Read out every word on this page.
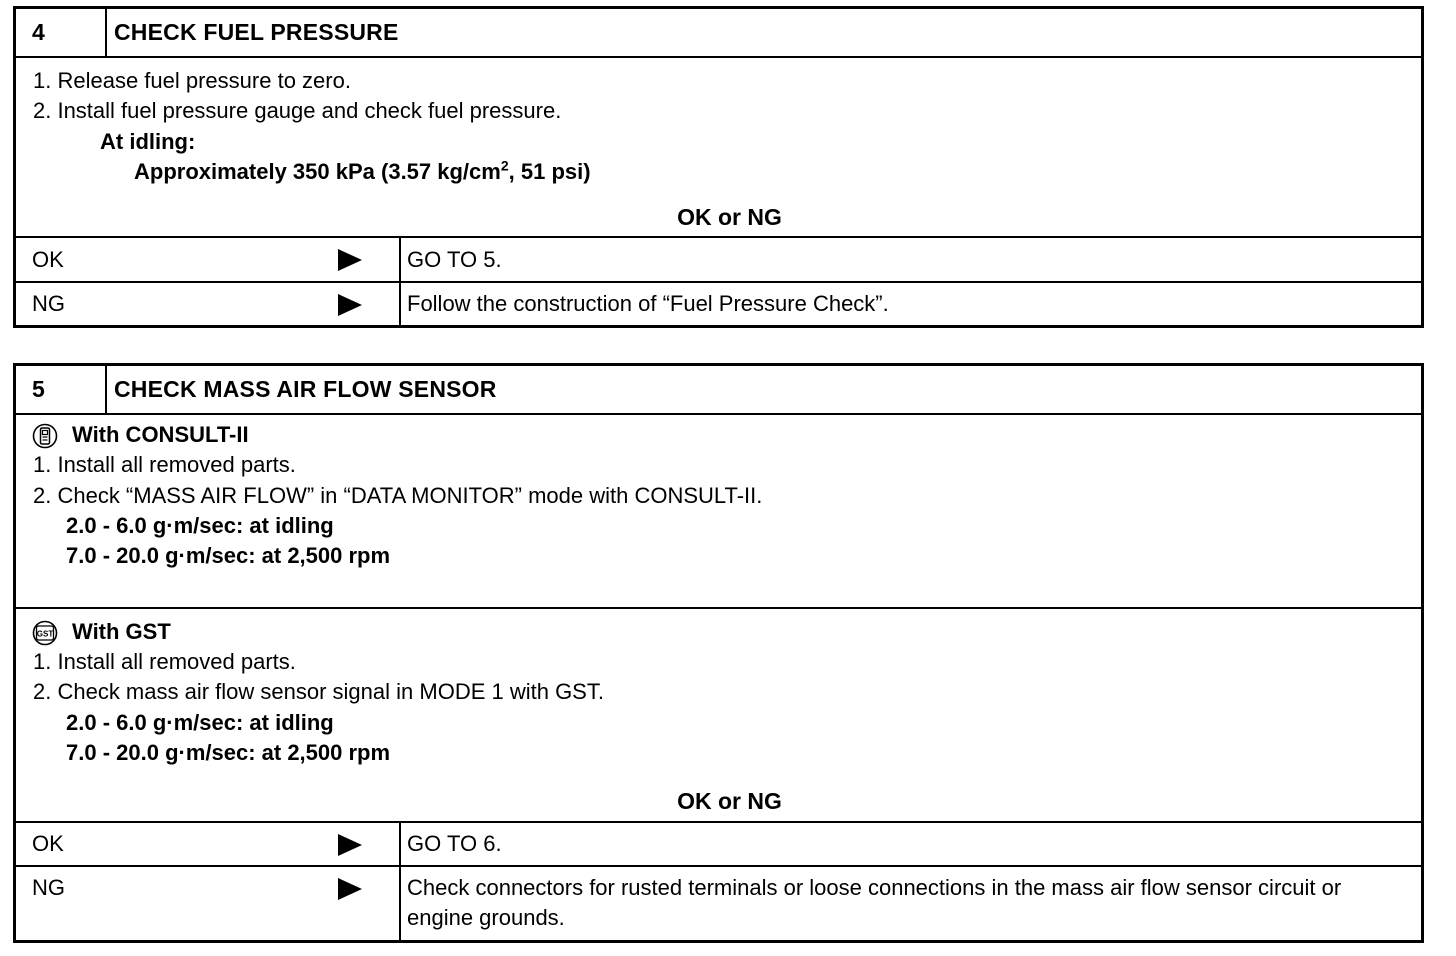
4	CHECK FUEL PRESSURE
1. Release fuel pressure to zero.
2. Install fuel pressure gauge and check fuel pressure.
At idling:
Approximately 350 kPa (3.57 $kg/cm^2$, 51 psi)
OK or NG
OK	GO TO 5.
NG	Follow the construction of “Fuel Pressure Check”.
5	CHECK MASS AIR FLOW SENSOR
With CONSULT-II
1. Install all removed parts.
2. Check “MASS AIR FLOW” in “DATA MONITOR” mode with CONSULT-II.
2.0 - 6.0 g·m/sec: at idling
7.0 - 20.0 g·m/sec: at 2,500 rpm
GST With GST
1. Install all removed parts.
2. Check mass air flow sensor signal in MODE 1 with GST.
2.0 - 6.0 g·m/sec: at idling
7.0 - 20.0 g·m/sec: at 2,500 rpm
OK or NG
OK	GO TO 6.
NG	Check connectors for rusted terminals or loose connections in the mass air flow sensor circuit or engine grounds.
